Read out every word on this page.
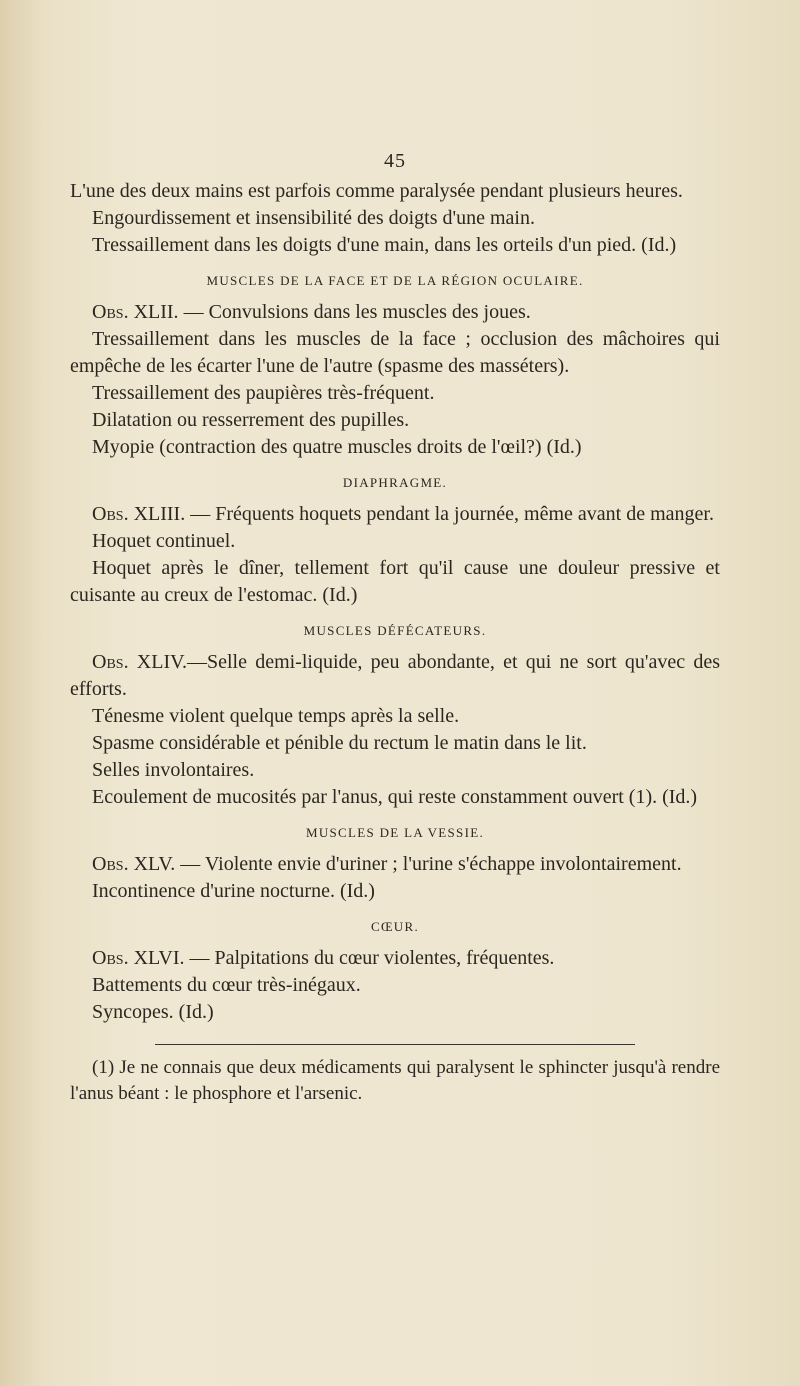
45

L'une des deux mains est parfois comme paralysée pendant plusieurs heures.

Engourdissement et insensibilité des doigts d'une main.

Tressaillement dans les doigts d'une main, dans les orteils d'un pied. (Id.)

MUSCLES DE LA FACE ET DE LA RÉGION OCULAIRE.

Obs. XLII. — Convulsions dans les muscles des joues.

Tressaillement dans les muscles de la face ; occlusion des mâchoires qui empêche de les écarter l'une de l'autre (spasme des masséters).

Tressaillement des paupières très-fréquent.

Dilatation ou resserrement des pupilles.

Myopie (contraction des quatre muscles droits de l'œil?) (Id.)

DIAPHRAGME.

Obs. XLIII. — Fréquents hoquets pendant la journée, même avant de manger.

Hoquet continuel.

Hoquet après le dîner, tellement fort qu'il cause une douleur pressive et cuisante au creux de l'estomac. (Id.)

MUSCLES DÉFÉCATEURS.

Obs. XLIV.—Selle demi-liquide, peu abondante, et qui ne sort qu'avec des efforts.

Ténesme violent quelque temps après la selle.

Spasme considérable et pénible du rectum le matin dans le lit.

Selles involontaires.

Ecoulement de mucosités par l'anus, qui reste constamment ouvert (1). (Id.)

MUSCLES DE LA VESSIE.

Obs. XLV. — Violente envie d'uriner ; l'urine s'échappe involontairement.

Incontinence d'urine nocturne. (Id.)

CŒUR.

Obs. XLVI. — Palpitations du cœur violentes, fréquentes.

Battements du cœur très-inégaux.

Syncopes. (Id.)

(1) Je ne connais que deux médicaments qui paralysent le sphincter jusqu'à rendre l'anus béant : le phosphore et l'arsenic.
